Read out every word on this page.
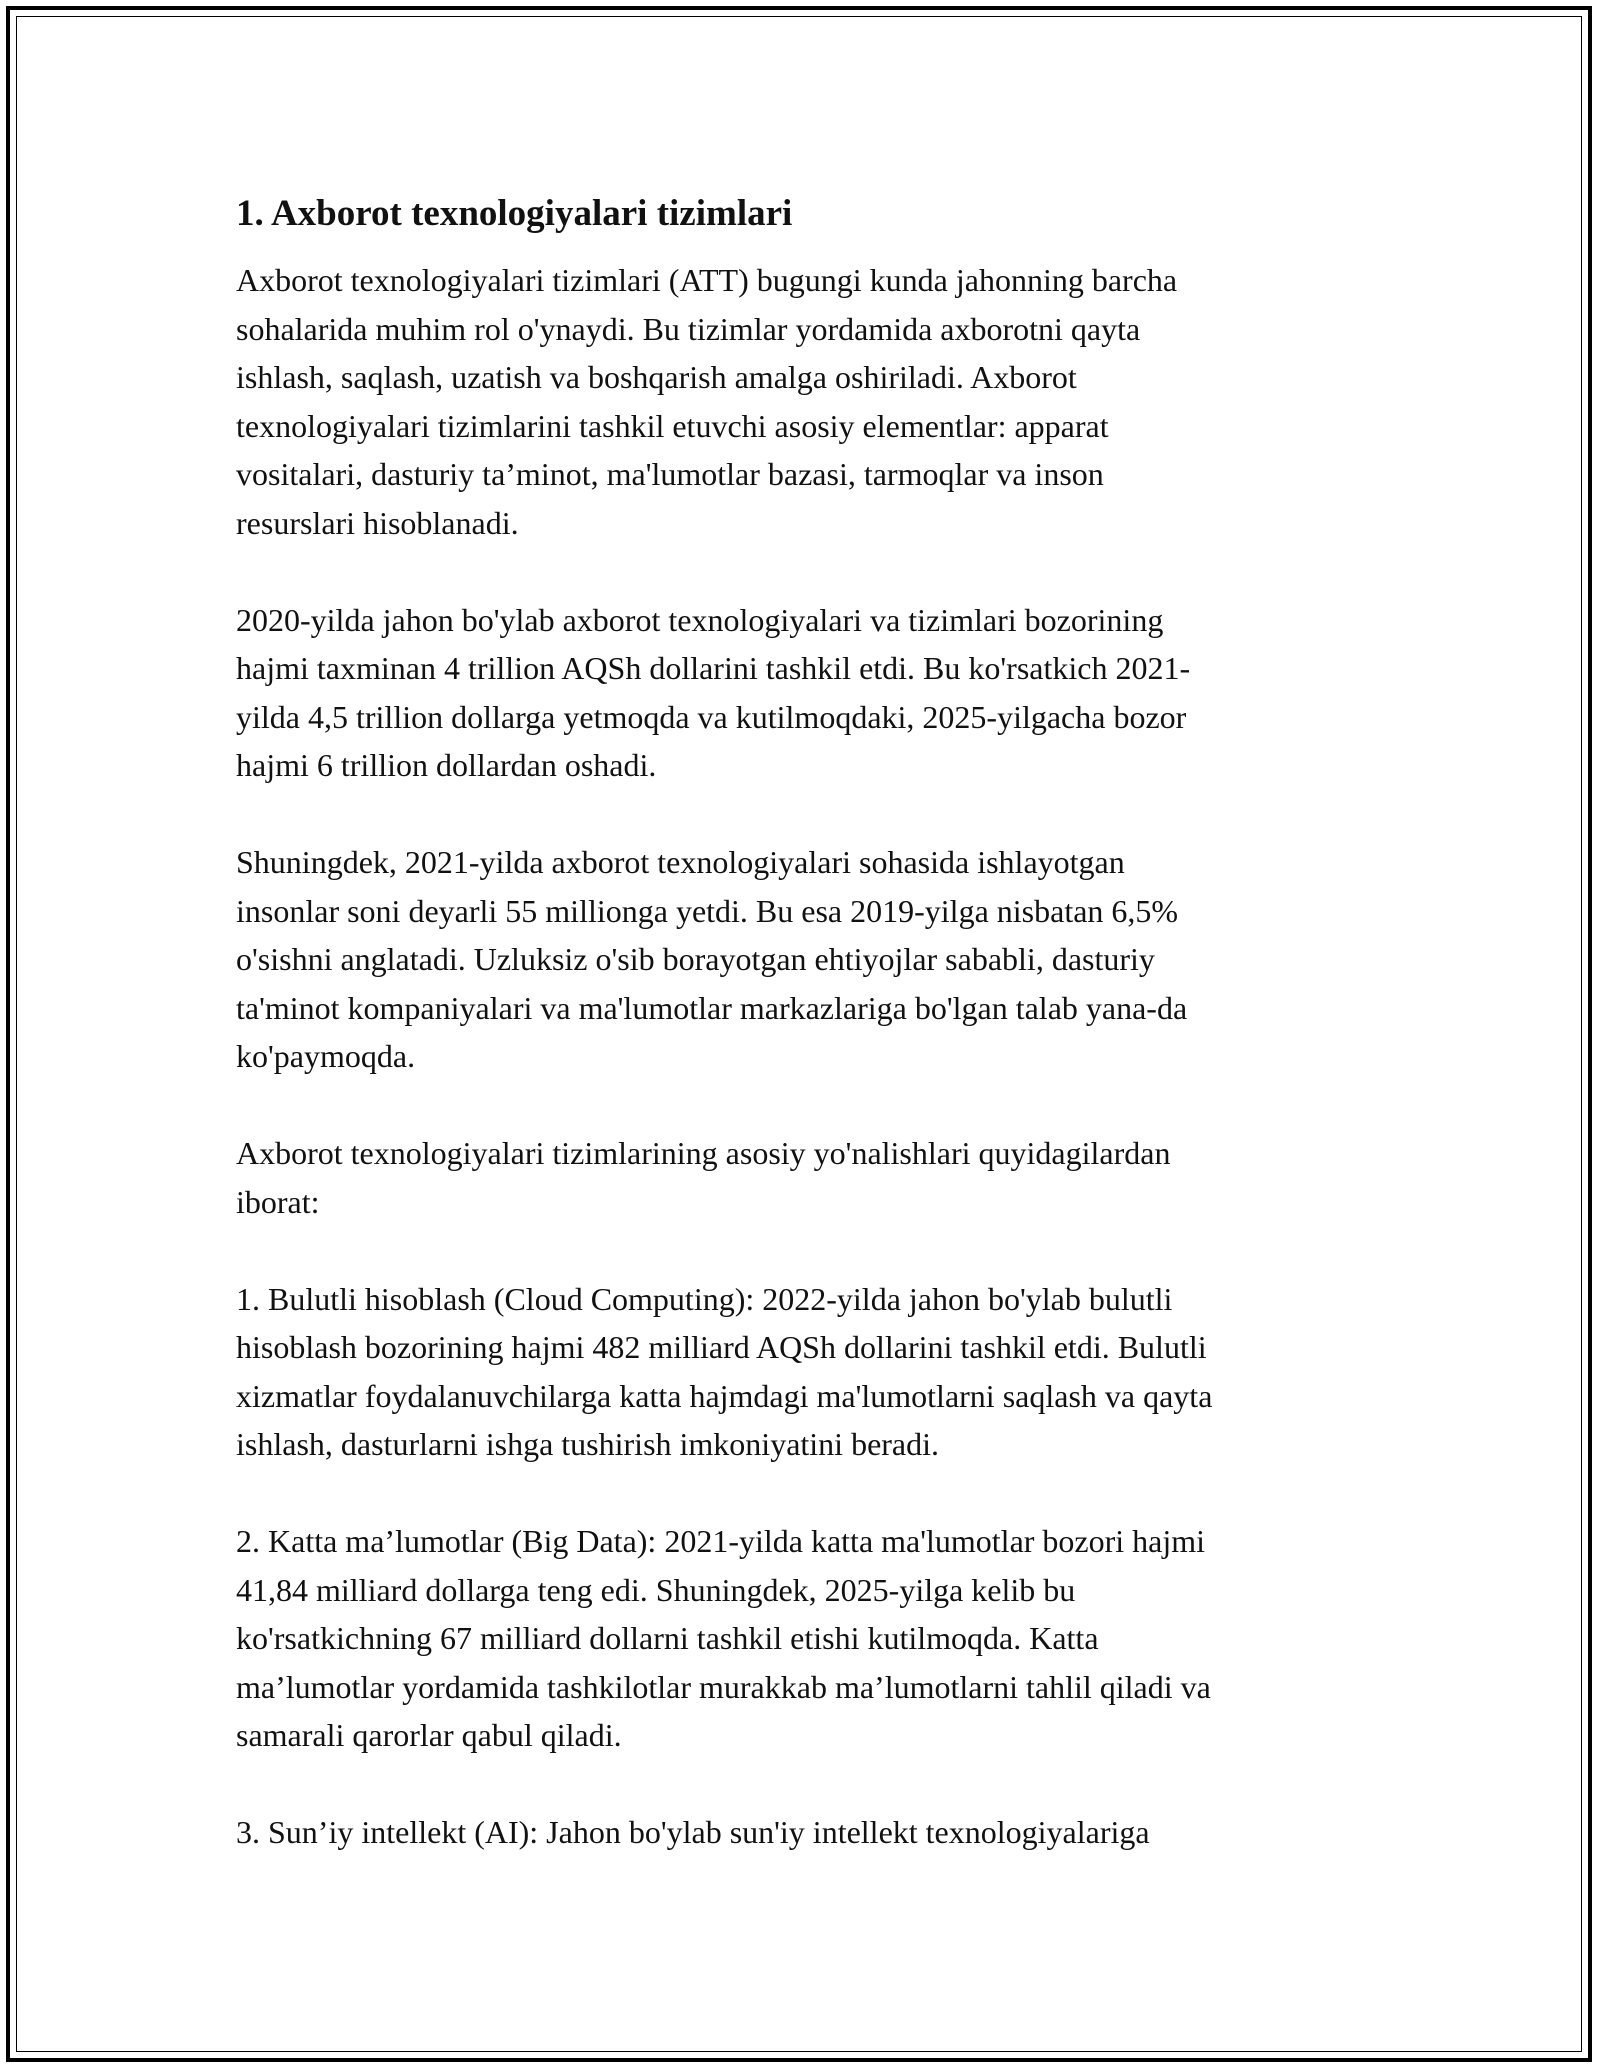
1. Axborot texnologiyalari tizimlari

Axborot texnologiyalari tizimlari (ATT) bugungi kunda jahonning barcha
sohalarida muhim rol o'ynaydi. Bu tizimlar yordamida axborotni qayta
ishlash, saqlash, uzatish va boshqarish amalga oshiriladi. Axborot
texnologiyalari tizimlarini tashkil etuvchi asosiy elementlar: apparat
vositalari, dasturiy ta’minot, ma'lumotlar bazasi, tarmoqlar va inson
resurslari hisoblanadi.

2020-yilda jahon bo'ylab axborot texnologiyalari va tizimlari bozorining
hajmi taxminan 4 trillion AQSh dollarini tashkil etdi. Bu ko'rsatkich 2021-
yilda 4,5 trillion dollarga yetmoqda va kutilmoqdaki, 2025-yilgacha bozor
hajmi 6 trillion dollardan oshadi.

Shuningdek, 2021-yilda axborot texnologiyalari sohasida ishlayotgan
insonlar soni deyarli 55 millionga yetdi. Bu esa 2019-yilga nisbatan 6,5%
o'sishni anglatadi. Uzluksiz o'sib borayotgan ehtiyojlar sababli, dasturiy
ta'minot kompaniyalari va ma'lumotlar markazlariga bo'lgan talab yana-da
ko'paymoqda.

Axborot texnologiyalari tizimlarining asosiy yo'nalishlari quyidagilardan
iborat:

1. Bulutli hisoblash (Cloud Computing): 2022-yilda jahon bo'ylab bulutli
hisoblash bozorining hajmi 482 milliard AQSh dollarini tashkil etdi. Bulutli
xizmatlar foydalanuvchilarga katta hajmdagi ma'lumotlarni saqlash va qayta
ishlash, dasturlarni ishga tushirish imkoniyatini beradi.

2. Katta ma’lumotlar (Big Data): 2021-yilda katta ma'lumotlar bozori hajmi
41,84 milliard dollarga teng edi. Shuningdek, 2025-yilga kelib bu
ko'rsatkichning 67 milliard dollarni tashkil etishi kutilmoqda. Katta
ma’lumotlar yordamida tashkilotlar murakkab ma’lumotlarni tahlil qiladi va
samarali qarorlar qabul qiladi.

3. Sun’iy intellekt (AI): Jahon bo'ylab sun'iy intellekt texnologiyalariga
